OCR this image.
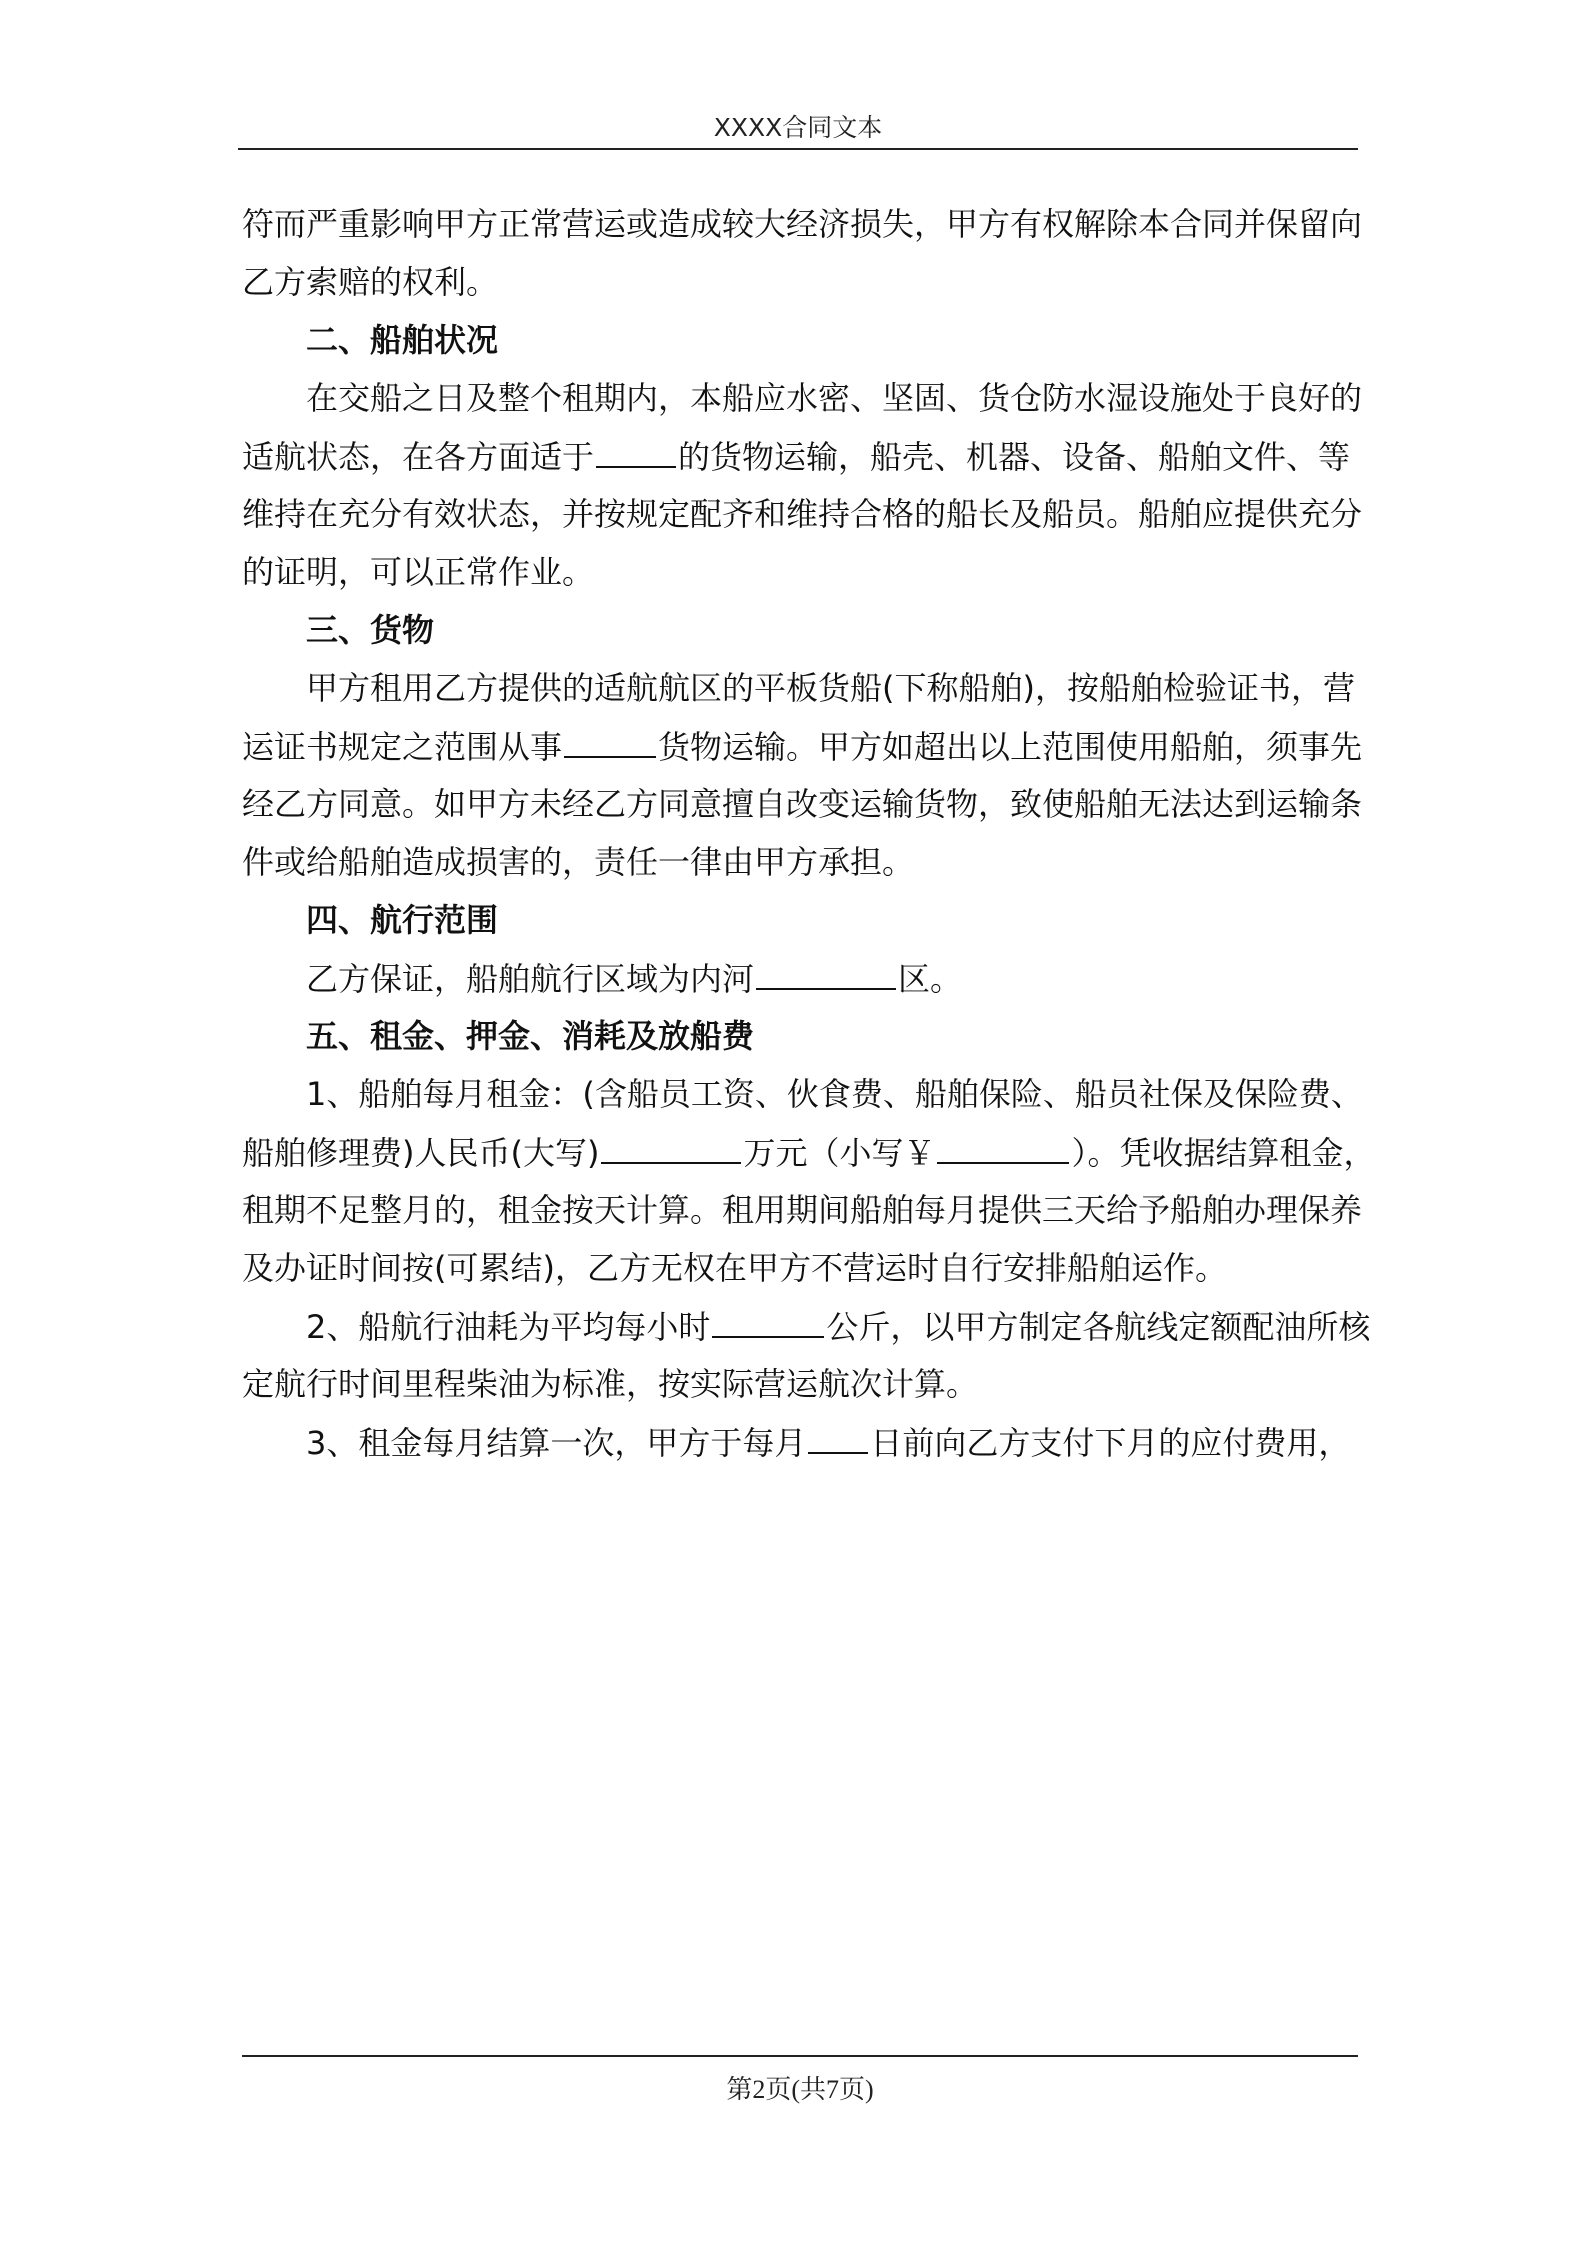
XXXX合同文本
符而严重影响甲方正常营运或造成较大经济损失，甲方有权解除本合同并保留向
乙方索赔的权利。
二、船舶状况
在交船之日及整个租期内，本船应水密、坚固、货仓防水湿设施处于良好的
适航状态，在各方面适于	的货物运输，船壳、机器、设备、船舶文件、等
维持在充分有效状态，并按规定配齐和维持合格的船长及船员。船舶应提供充分
的证明，可以正常作业。
三、货物
甲方租用乙方提供的适航航区的平板货船(下称船舶)，按船舶检验证书，营
运证书规定之范围从事	货物运输。甲方如超出以上范围使用船舶，须事先
经乙方同意。如甲方未经乙方同意擅自改变运输货物，致使船舶无法达到运输条
件或给船舶造成损害的，责任一律由甲方承担。
四、航行范围
乙方保证，船舶航行区域为内河	区。
五、租金、押金、消耗及放船费
1、船舶每月租金：(含船员工资、伙食费、船舶保险、船员社保及保险费、
船舶修理费)人民币(大写)	万元（小写￥	）。凭收据结算租金，
租期不足整月的，租金按天计算。租用期间船舶每月提供三天给予船舶办理保养
及办证时间按(可累结)，乙方无权在甲方不营运时自行安排船舶运作。
2、船航行油耗为平均每小时	公斤，以甲方制定各航线定额配油所核
定航行时间里程柴油为标准，按实际营运航次计算。
3、租金每月结算一次，甲方于每月 日前向乙方支付下月的应付费用，
第2页(共7页)
